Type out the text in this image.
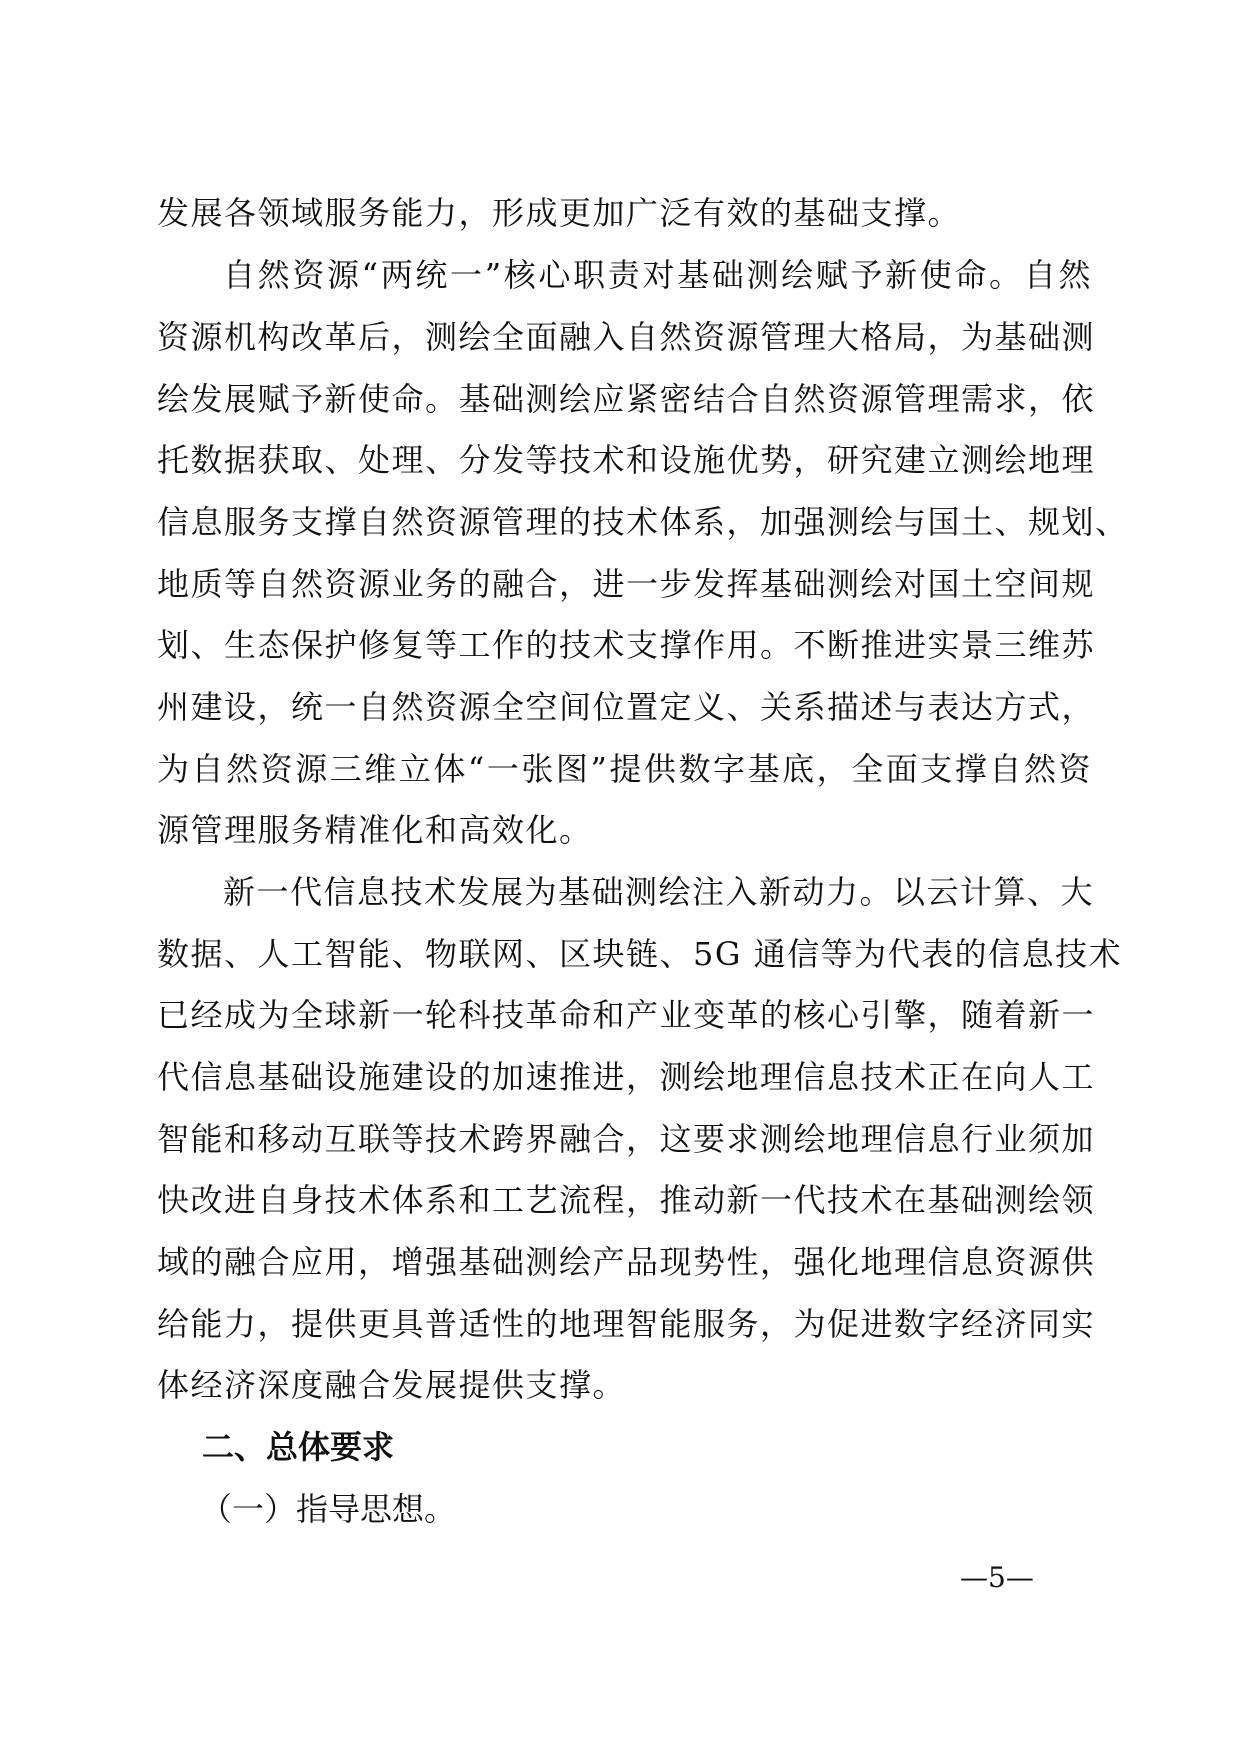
发展各领域服务能力，形成更加广泛有效的基础支撑。
自然资源“两统一”核心职责对基础测绘赋予新使命。自然
资源机构改革后，测绘全面融入自然资源管理大格局，为基础测
绘发展赋予新使命。基础测绘应紧密结合自然资源管理需求，依
托数据获取、处理、分发等技术和设施优势，研究建立测绘地理
信息服务支撑自然资源管理的技术体系，加强测绘与国土、规划、
地质等自然资源业务的融合，进一步发挥基础测绘对国土空间规
划、生态保护修复等工作的技术支撑作用。不断推进实景三维苏
州建设，统一自然资源全空间位置定义、关系描述与表达方式，
为自然资源三维立体“一张图”提供数字基底，全面支撑自然资
源管理服务精准化和高效化。
新一代信息技术发展为基础测绘注入新动力。以云计算、大
数据、人工智能、物联网、区块链、5G 通信等为代表的信息技术
已经成为全球新一轮科技革命和产业变革的核心引擎，随着新一
代信息基础设施建设的加速推进，测绘地理信息技术正在向人工
智能和移动互联等技术跨界融合，这要求测绘地理信息行业须加
快改进自身技术体系和工艺流程，推动新一代技术在基础测绘领
域的融合应用，增强基础测绘产品现势性，强化地理信息资源供
给能力，提供更具普适性的地理智能服务，为促进数字经济同实
体经济深度融合发展提供支撑。
二、总体要求
（一）指导思想。
—5—
